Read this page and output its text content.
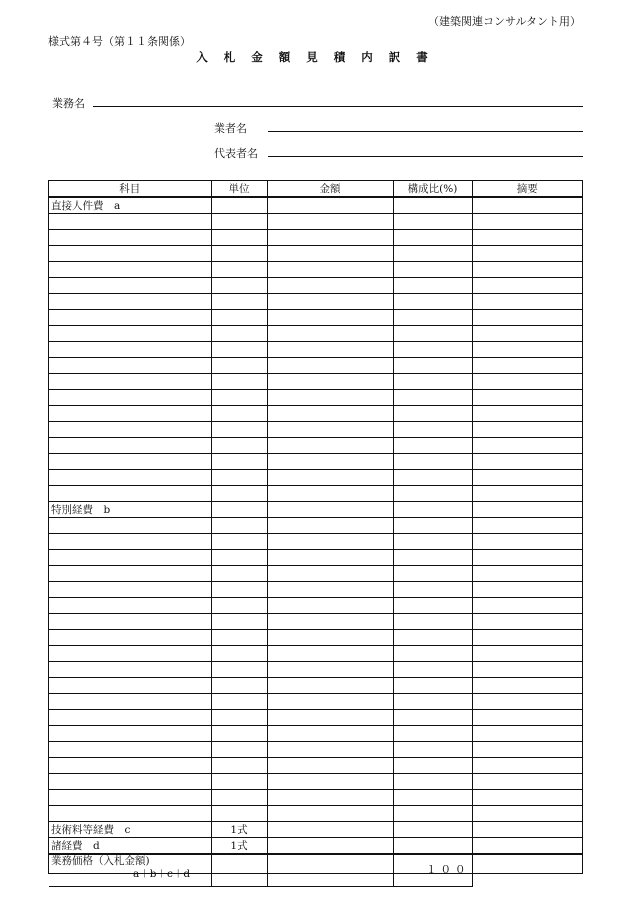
（建築関連コンサルタント用）
様式第４号（第１１条関係）
入 札 金 額 見 積 内 訳 書
業務名
業者名
代表者名
科目	単位	金額	構成比(%)	摘要
直接人件費　a				

特別経費　b				

技術料等経費　c	1式			
諸経費　d	1式			

業務価格（入札金額)
a＋b＋c＋d			１００	
